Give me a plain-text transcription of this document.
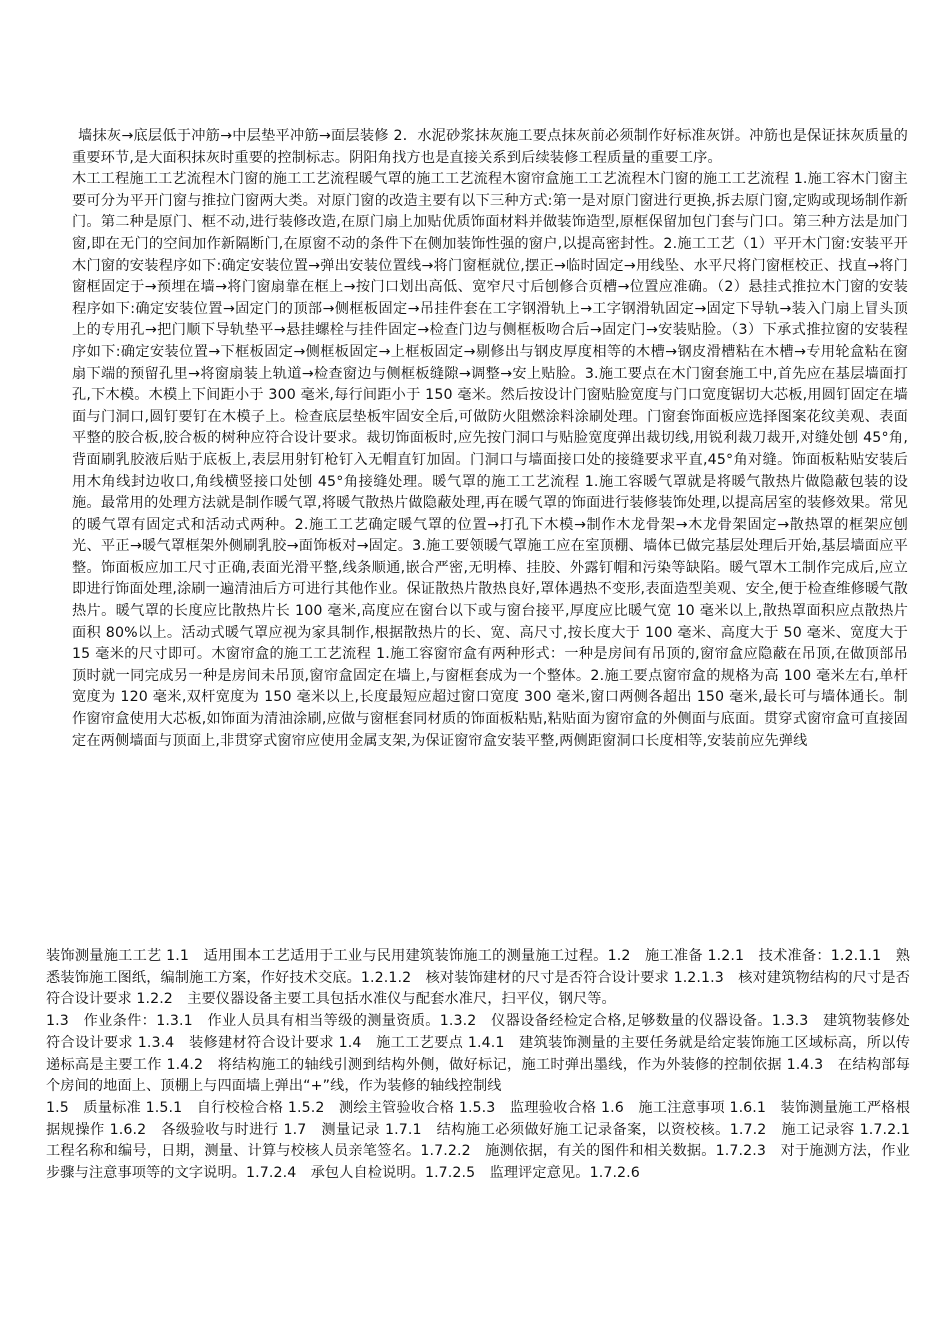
墙抹灰→底层低于冲筋→中层垫平冲筋→面层装修 2．水泥砂浆抹灰施工要点抹灰前必须制作好标准灰饼。冲筋也是保证抹灰质量的重要环节,是大面积抹灰时重要的控制标志。阴阳角找方也是直接关系到后续装修工程质量的重要工序。

木工工程施工工艺流程木门窗的施工工艺流程暖气罩的施工工艺流程木窗帘盒施工工艺流程木门窗的施工工艺流程 1.施工容木门窗主要可分为平开门窗与推拉门窗两大类。对原门窗的改造主要有以下三种方式:第一是对原门窗进行更换,拆去原门窗,定购或现场制作新门。第二种是原门、框不动,进行装修改造,在原门扇上加贴优质饰面材料并做装饰造型,原框保留加包门套与门口。第三种方法是加门窗,即在无门的空间加作新隔断门,在原窗不动的条件下在侧加装饰性强的窗户,以提高密封性。2.施工工艺（1）平开木门窗:安装平开木门窗的安装程序如下:确定安装位置→弹出安装位置线→将门窗框就位,摆正→临时固定→用线坠、水平尺将门窗框校正、找直→将门窗框固定于→预埋在墙→将门窗扇靠在框上→按门口划出高低、宽窄尺寸后刨修合页槽→位置应准确。（2）悬挂式推拉木门窗的安装程序如下:确定安装位置→固定门的顶部→侧框板固定→吊挂件套在工字钢滑轨上→工字钢滑轨固定→固定下导轨→装入门扇上冒头顶上的专用孔→把门顺下导轨垫平→悬挂螺栓与挂件固定→检查门边与侧框板吻合后→固定门→安装贴脸。（3）下承式推拉窗的安装程序如下:确定安装位置→下框板固定→侧框板固定→上框板固定→剔修出与钢皮厚度相等的木槽→钢皮滑槽粘在木槽→专用轮盒粘在窗扇下端的预留孔里→将窗扇装上轨道→检查窗边与侧框板缝隙→调整→安上贴脸。3.施工要点在木门窗套施工中,首先应在基层墙面打孔,下木模。木模上下间距小于 300 毫米,每行间距小于 150 毫米。然后按设计门窗贴脸宽度与门口宽度锯切大芯板,用圆钉固定在墙面与门洞口,圆钉要钉在木模子上。检查底层垫板牢固安全后,可做防火阻燃涂料涂刷处理。门窗套饰面板应选择图案花纹美观、表面平整的胶合板,胶合板的树种应符合设计要求。裁切饰面板时,应先按门洞口与贴脸宽度弹出裁切线,用锐利裁刀裁开,对缝处刨 45°角,背面刷乳胶液后贴于底板上,表层用射钉枪钉入无帽直钉加固。门洞口与墙面接口处的接缝要求平直,45°角对缝。饰面板粘贴安装后用木角线封边收口,角线横竖接口处刨 45°角接缝处理。暖气罩的施工工艺流程 1.施工容暖气罩就是将暖气散热片做隐蔽包装的设施。最常用的处理方法就是制作暖气罩,将暖气散热片做隐蔽处理,再在暖气罩的饰面进行装修装饰处理,以提高居室的装修效果。常见的暖气罩有固定式和活动式两种。2.施工工艺确定暖气罩的位置→打孔下木模→制作木龙骨架→木龙骨架固定→散热罩的框架应刨光、平正→暖气罩框架外侧刷乳胶→面饰板对→固定。3.施工要领暖气罩施工应在室顶棚、墙体已做完基层处理后开始,基层墙面应平整。饰面板应加工尺寸正确,表面光滑平整,线条顺通,嵌合严密,无明棒、挂胶、外露钉帽和污染等缺陷。暖气罩木工制作完成后,应立即进行饰面处理,涂刷一遍清油后方可进行其他作业。保证散热片散热良好,罩体遇热不变形,表面造型美观、安全,便于检查维修暖气散热片。暖气罩的长度应比散热片长 100 毫米,高度应在窗台以下或与窗台接平,厚度应比暖气宽 10 毫米以上,散热罩面积应点散热片面积 80%以上。活动式暖气罩应视为家具制作,根据散热片的长、宽、高尺寸,按长度大于 100 毫米、高度大于 50 毫米、宽度大于 15 毫米的尺寸即可。木窗帘盒的施工工艺流程 1.施工容窗帘盒有两种形式：一种是房间有吊顶的,窗帘盒应隐蔽在吊顶,在做顶部吊顶时就一同完成另一种是房间未吊顶,窗帘盒固定在墙上,与窗框套成为一个整体。2.施工要点窗帘盒的规格为高 100 毫米左右,单杆宽度为 120 毫米,双杆宽度为 150 毫米以上,长度最短应超过窗口宽度 300 毫米,窗口两侧各超出 150 毫米,最长可与墙体通长。制作窗帘盒使用大芯板,如饰面为清油涂刷,应做与窗框套同材质的饰面板粘贴,粘贴面为窗帘盒的外侧面与底面。贯穿式窗帘盒可直接固定在两侧墙面与顶面上,非贯穿式窗帘应使用金属支架,为保证窗帘盒安装平整,两侧距窗洞口长度相等,安装前应先弹线

装饰测量施工工艺 1.1　适用围本工艺适用于工业与民用建筑装饰施工的测量施工过程。1.2　施工准备 1.2.1　技术准备：1.2.1.1　熟悉装饰施工图纸，编制施工方案，作好技术交底。1.2.1.2　核对装饰建材的尺寸是否符合设计要求 1.2.1.3　核对建筑物结构的尺寸是否符合设计要求 1.2.2　主要仪器设备主要工具包括水准仪与配套水准尺，扫平仪，钢尺等。

1.3　作业条件：1.3.1　作业人员具有相当等级的测量资质。1.3.2　仪器设备经检定合格,足够数量的仪器设备。1.3.3　建筑物装修处符合设计要求 1.3.4　装修建材符合设计要求 1.4　施工工艺要点 1.4.1　建筑装饰测量的主要任务就是给定装饰施工区域标高，所以传递标高是主要工作 1.4.2　将结构施工的轴线引测到结构外侧，做好标记，施工时弹出墨线，作为外装修的控制依据 1.4.3　在结构部每个房间的地面上、顶棚上与四面墙上弹出“+”线，作为装修的轴线控制线

1.5　质量标准 1.5.1　自行校检合格 1.5.2　测绘主管验收合格 1.5.3　监理验收合格 1.6　施工注意事项 1.6.1　装饰测量施工严格根据规操作 1.6.2　各级验收与时进行 1.7　测量记录 1.7.1　结构施工必须做好施工记录备案，以资校核。1.7.2　施工记录容 1.7.2.1　工程名称和编号，日期，测量、计算与校核人员亲笔签名。1.7.2.2　施测依据，有关的图件和相关数据。1.7.2.3　对于施测方法，作业步骤与注意事项等的文字说明。1.7.2.4　承包人自检说明。1.7.2.5　监理评定意见。1.7.2.6
